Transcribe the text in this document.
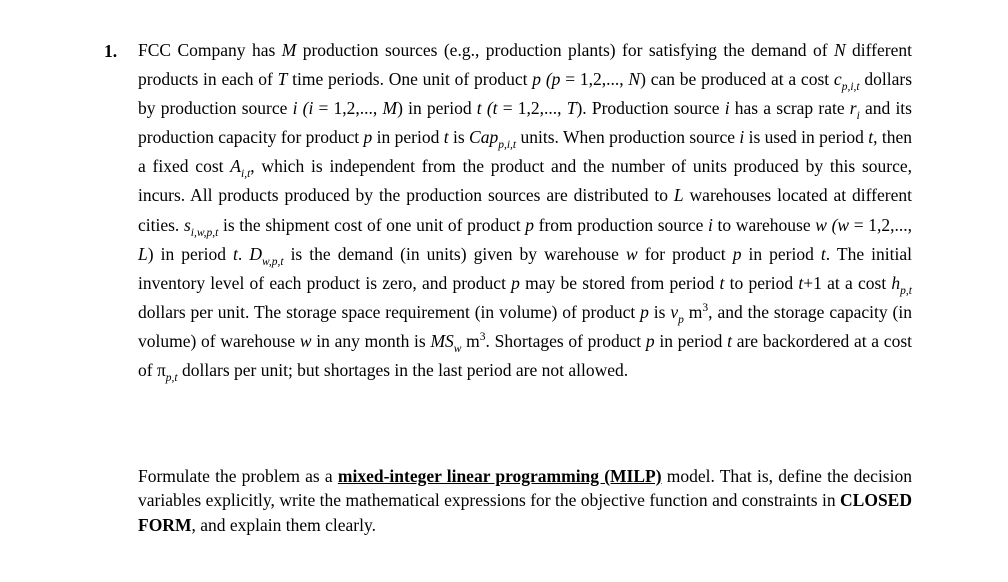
1. FCC Company has M production sources (e.g., production plants) for satisfying the demand of N different products in each of T time periods. One unit of product p (p = 1,2,..., N) can be produced at a cost $c_{p,i,t}$ dollars by production source i (i = 1,2,..., M) in period t (t = 1,2,..., T). Production source i has a scrap rate $r_i$ and its production capacity for product p in period t is Cap$_{p,i,t}$ units. When production source i is used in period t, then a fixed cost $A_{i,t}$, which is independent from the product and the number of units produced by this source, incurs. All products produced by the production sources are distributed to L warehouses located at different cities. $s_{i,w,p,t}$ is the shipment cost of one unit of product p from production source i to warehouse w (w = 1,2,..., L) in period t. $D_{w,p,t}$ is the demand (in units) given by warehouse w for product p in period t. The initial inventory level of each product is zero, and product p may be stored from period t to period t+1 at a cost $h_{p,t}$ dollars per unit. The storage space requirement (in volume) of product p is $v_p$ $m^3$, and the storage capacity (in volume) of warehouse w in any month is $MS_w$ $m^3$. Shortages of product p in period t are backordered at a cost of $\pi_{p,t}$ dollars per unit; but shortages in the last period are not allowed.
Formulate the problem as a mixed-integer linear programming (MILP) model. That is, define the decision variables explicitly, write the mathematical expressions for the objective function and constraints in CLOSED FORM, and explain them clearly.
